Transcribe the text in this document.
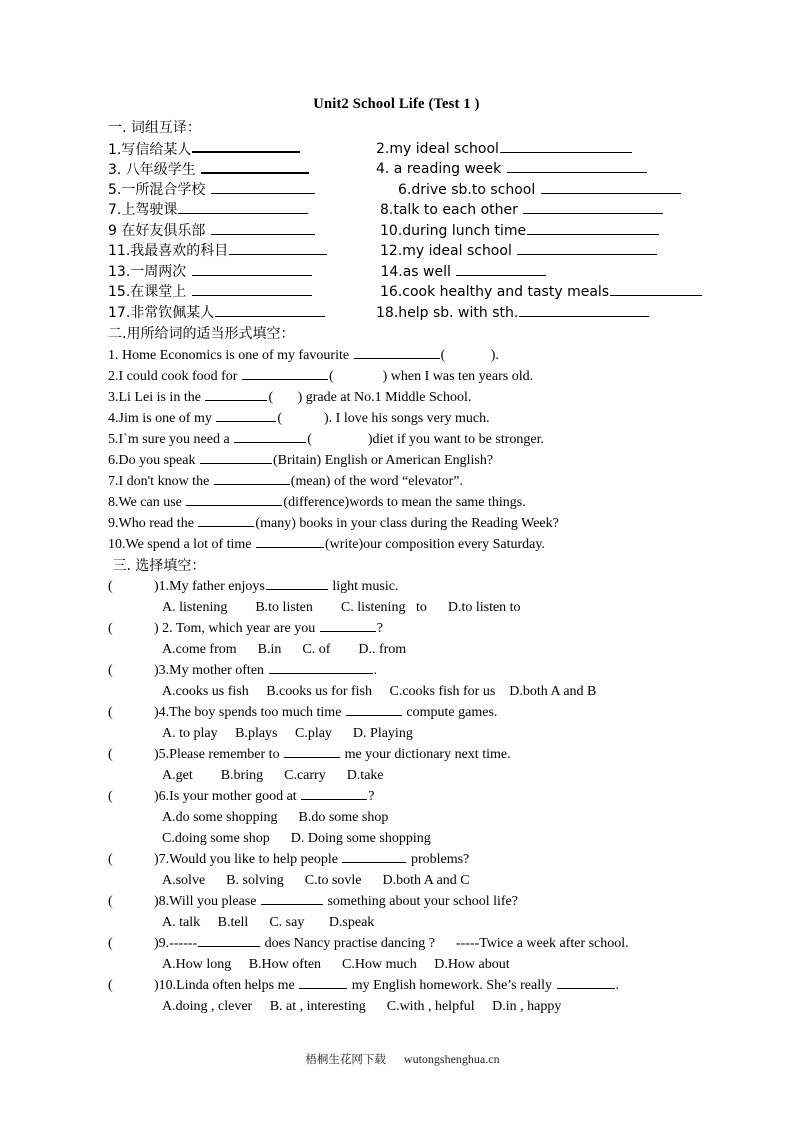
Unit2 School Life (Test 1 )
一. 词组互译：
1.写信给某人	2.my ideal school
3. 八年级学生	4. a reading week
5.一所混合学校	6.drive sb.to school
7.上驾驶课	8.talk to each other
9 在好友俱乐部	10.during lunch time
11.我最喜欢的科目	12.my ideal school
13.一周两次	14.as well
15.在课堂上	16.cook healthy and tasty meals
17.非常钦佩某人	18.help sb. with sth.
二.用所给词的适当形式填空：
1. Home Economics is one of my favourite	(             ).
2.I could cook food for	(              ) when I was ten years old.
3.Li Lei is in the	(       ) grade at No.1 Middle School.
4.Jim is one of my	(            ). I love his songs very much.
5.I`m sure you need a	(                )diet if you want to be stronger.
6.Do you speak	(Britain) English or American English?
7.I don't know the	(mean) of the word “elevator”.
8.We can use	(difference)words to mean the same things.
9.Who read the	(many) books in your class during the Reading Week?
10.We spend a lot of time	(write)our composition every Saturday.
三. 选择填空：
(	)1.My father enjoys	light music.
A. listening        B.to listen        C. listening   to      D.to listen to
(	) 2. Tom, which year are you	?
A.come from      B.in      C. of        D.. from
(	)3.My mother often	.
A.cooks us fish     B.cooks us for fish     C.cooks fish for us    D.both A and B
(	)4.The boy spends too much time	compute games.
A. to play     B.plays     C.play      D. Playing
(	)5.Please remember to	me your dictionary next time.
A.get        B.bring      C.carry      D.take
(	)6.Is your mother good at	?
A.do some shopping      B.do some shop
C.doing some shop      D. Doing some shopping
(	)7.Would you like to help people	problems?
A.solve      B. solving      C.to sovle      D.both A and C
(	)8.Will you please	something about your school life?
A. talk     B.tell      C. say       D.speak
(	)9.------	does Nancy practise dancing ?      -----Twice a week after school.
A.How long     B.How often      C.How much     D.How about
(	)10.Linda often helps me	my English homework. She’s really	.
A.doing , clever     B. at , interesting      C.with , helpful     D.in , happy

梧桐生花网下载 wutongshenghua.cn
